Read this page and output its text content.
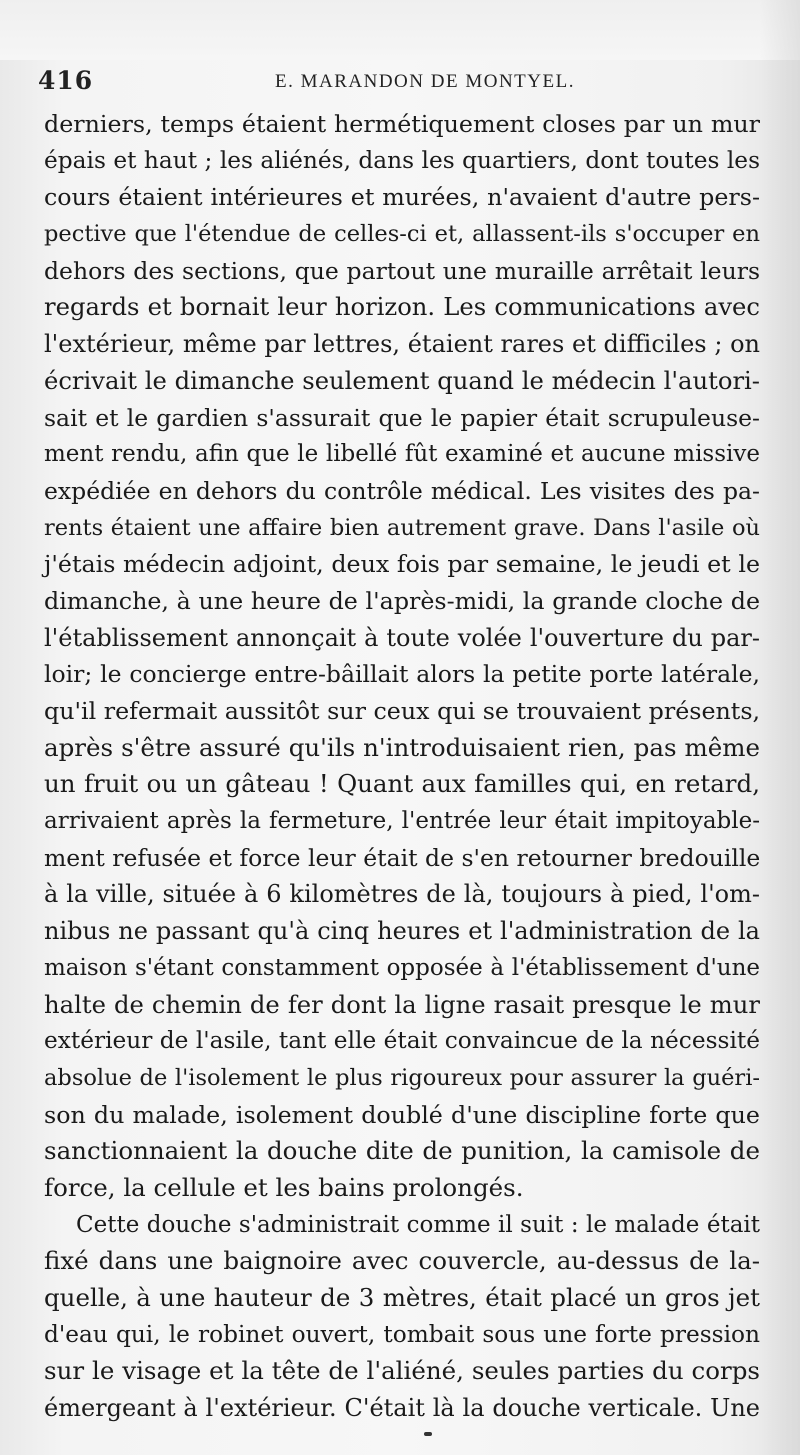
416	E. MARANDON DE MONTYEL.
derniers, temps étaient hermétiquement closes par un mur
épais et haut ; les aliénés, dans les quartiers, dont toutes les
cours étaient intérieures et murées, n'avaient d'autre pers-
pective que l'étendue de celles-ci et, allassent-ils s'occuper en
dehors des sections, que partout une muraille arrêtait leurs
regards et bornait leur horizon. Les communications avec
l'extérieur, même par lettres, étaient rares et difficiles ; on
écrivait le dimanche seulement quand le médecin l'autori-
sait et le gardien s'assurait que le papier était scrupuleuse-
ment rendu, afin que le libellé fût examiné et aucune missive
expédiée en dehors du contrôle médical. Les visites des pa-
rents étaient une affaire bien autrement grave. Dans l'asile où
j'étais médecin adjoint, deux fois par semaine, le jeudi et le
dimanche, à une heure de l'après-midi, la grande cloche de
l'établissement annonçait à toute volée l'ouverture du par-
loir; le concierge entre-bâillait alors la petite porte latérale,
qu'il refermait aussitôt sur ceux qui se trouvaient présents,
après s'être assuré qu'ils n'introduisaient rien, pas même
un fruit ou un gâteau ! Quant aux familles qui, en retard,
arrivaient après la fermeture, l'entrée leur était impitoyable-
ment refusée et force leur était de s'en retourner bredouille
à la ville, située à 6 kilomètres de là, toujours à pied, l'om-
nibus ne passant qu'à cinq heures et l'administration de la
maison s'étant constamment opposée à l'établissement d'une
halte de chemin de fer dont la ligne rasait presque le mur
extérieur de l'asile, tant elle était convaincue de la nécessité
absolue de l'isolement le plus rigoureux pour assurer la guéri-
son du malade, isolement doublé d'une discipline forte que
sanctionnaient la douche dite de punition, la camisole de
force, la cellule et les bains prolongés.
Cette douche s'administrait comme il suit : le malade était
fixé dans une baignoire avec couvercle, au-dessus de la-
quelle, à une hauteur de 3 mètres, était placé un gros jet
d'eau qui, le robinet ouvert, tombait sous une forte pression
sur le visage et la tête de l'aliéné, seules parties du corps
émergeant à l'extérieur. C'était là la douche verticale. Une
